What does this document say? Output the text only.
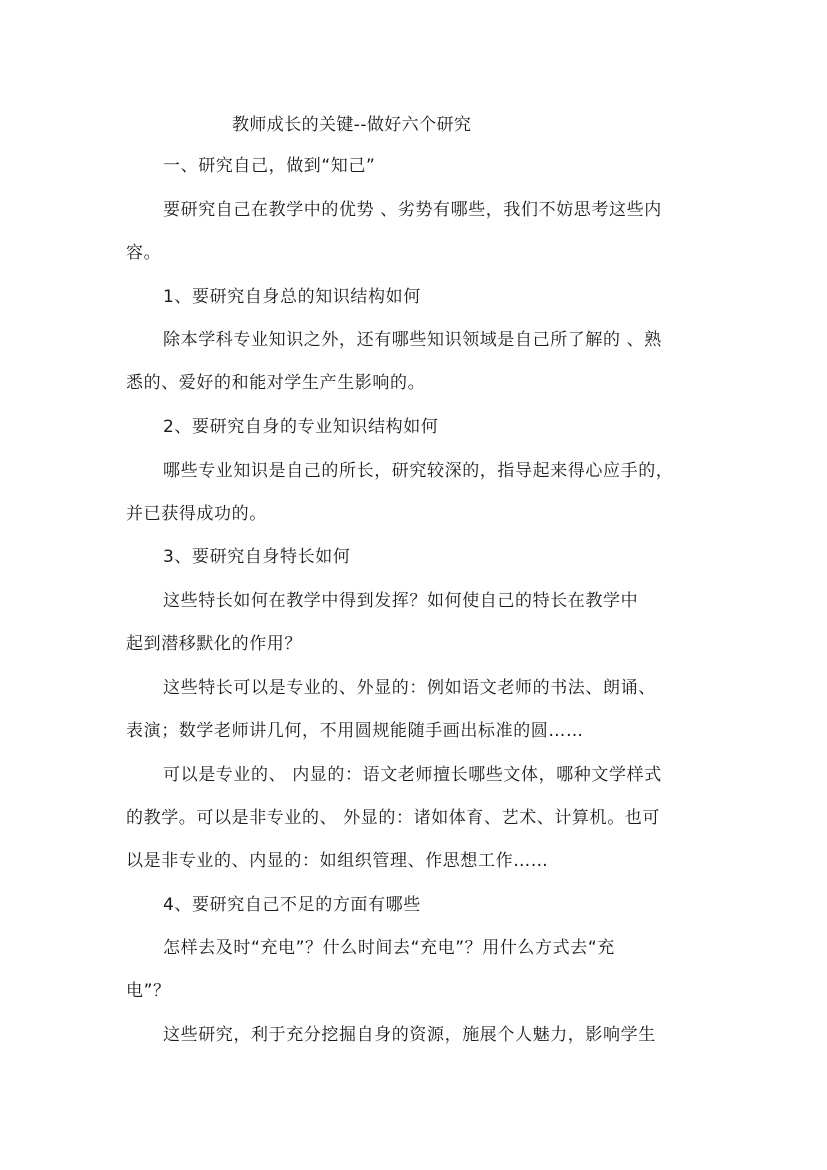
教师成长的关键--做好六个研究
一、研究自己，做到“知己”
要研究自己在教学中的优势 、劣势有哪些，我们不妨思考这些内
容。
1、要研究自身总的知识结构如何
除本学科专业知识之外，还有哪些知识领域是自己所了解的 、熟
悉的、爱好的和能对学生产生影响的。
2、要研究自身的专业知识结构如何
哪些专业知识是自己的所长，研究较深的，指导起来得心应手的，
并已获得成功的。
3、要研究自身特长如何
这些特长如何在教学中得到发挥？如何使自己的特长在教学中
起到潜移默化的作用？
这些特长可以是专业的、外显的：例如语文老师的书法、朗诵、
表演；数学老师讲几何，不用圆规能随手画出标准的圆……
可以是专业的、 内显的：语文老师擅长哪些文体，哪种文学样式
的教学。可以是非专业的、 外显的：诸如体育、艺术、计算机。也可
以是非专业的、内显的：如组织管理、作思想工作……
4、要研究自己不足的方面有哪些
怎样去及时“充电”？什么时间去“充电”？用什么方式去“充
电”？
这些研究，利于充分挖掘自身的资源，施展个人魅力，影响学生
